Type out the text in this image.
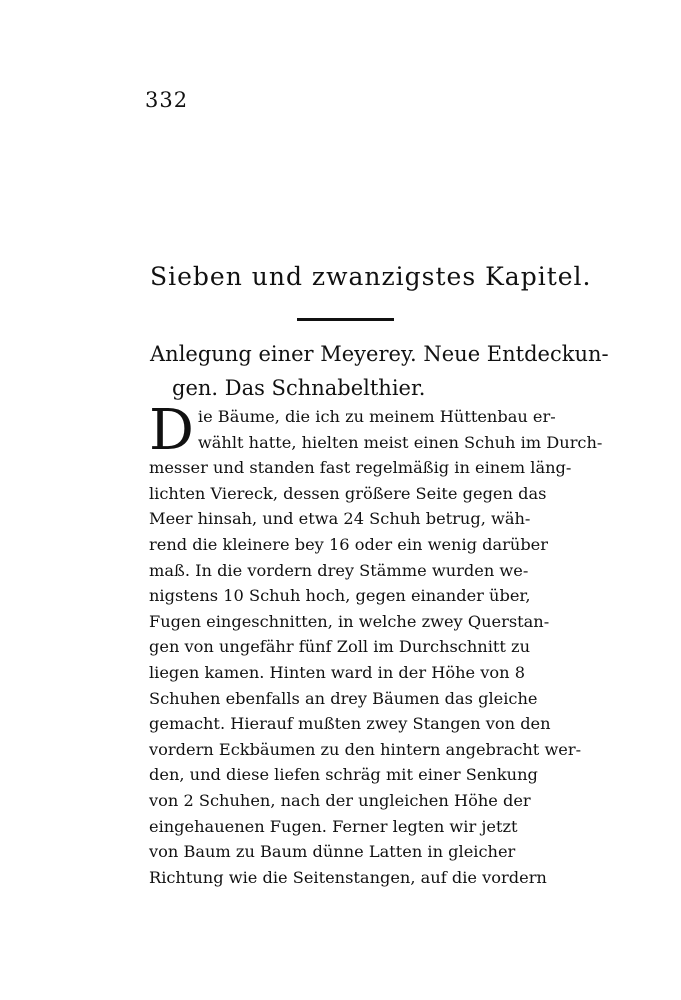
332
Sieben und zwanzigstes Kapitel.
Anlegung einer Meyerey. Neue Entdeckun-
gen. Das Schnabelthier.
D ie Bäume, die ich zu meinem Hüttenbau er-
wählt hatte, hielten meist einen Schuh im Durch-
messer und standen fast regelmäßig in einem läng-
lichten Viereck, dessen größere Seite gegen das
Meer hinsah, und etwa 24 Schuh betrug, wäh-
rend die kleinere bey 16 oder ein wenig darüber
maß. In die vordern drey Stämme wurden we-
nigstens 10 Schuh hoch, gegen einander über,
Fugen eingeschnitten, in welche zwey Querstan-
gen von ungefähr fünf Zoll im Durchschnitt zu
liegen kamen. Hinten ward in der Höhe von 8
Schuhen ebenfalls an drey Bäumen das gleiche
gemacht. Hierauf mußten zwey Stangen von den
vordern Eckbäumen zu den hintern angebracht wer-
den, und diese liefen schräg mit einer Senkung
von 2 Schuhen, nach der ungleichen Höhe der
eingehauenen Fugen. Ferner legten wir jetzt
von Baum zu Baum dünne Latten in gleicher
Richtung wie die Seitenstangen, auf die vordern
